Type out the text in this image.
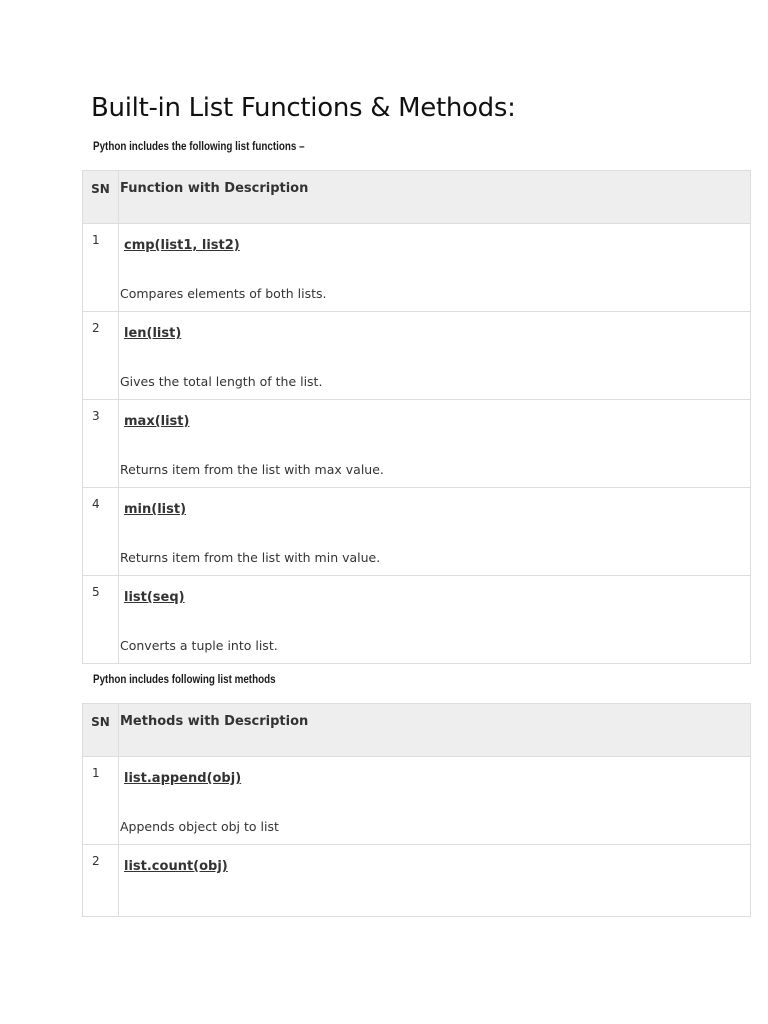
Built-in List Functions & Methods:

Python includes the following list functions –

SN	Function with Description
1	cmp(list1, list2)
Compares elements of both lists.

2	len(list)
Gives the total length of the list.

3	max(list)
Returns item from the list with max value.

4	min(list)
Returns item from the list with min value.

5	list(seq)
Converts a tuple into list.

Python includes following list methods

SN	Methods with Description
1	list.append(obj)
Appends object obj to list

2	list.count(obj)
